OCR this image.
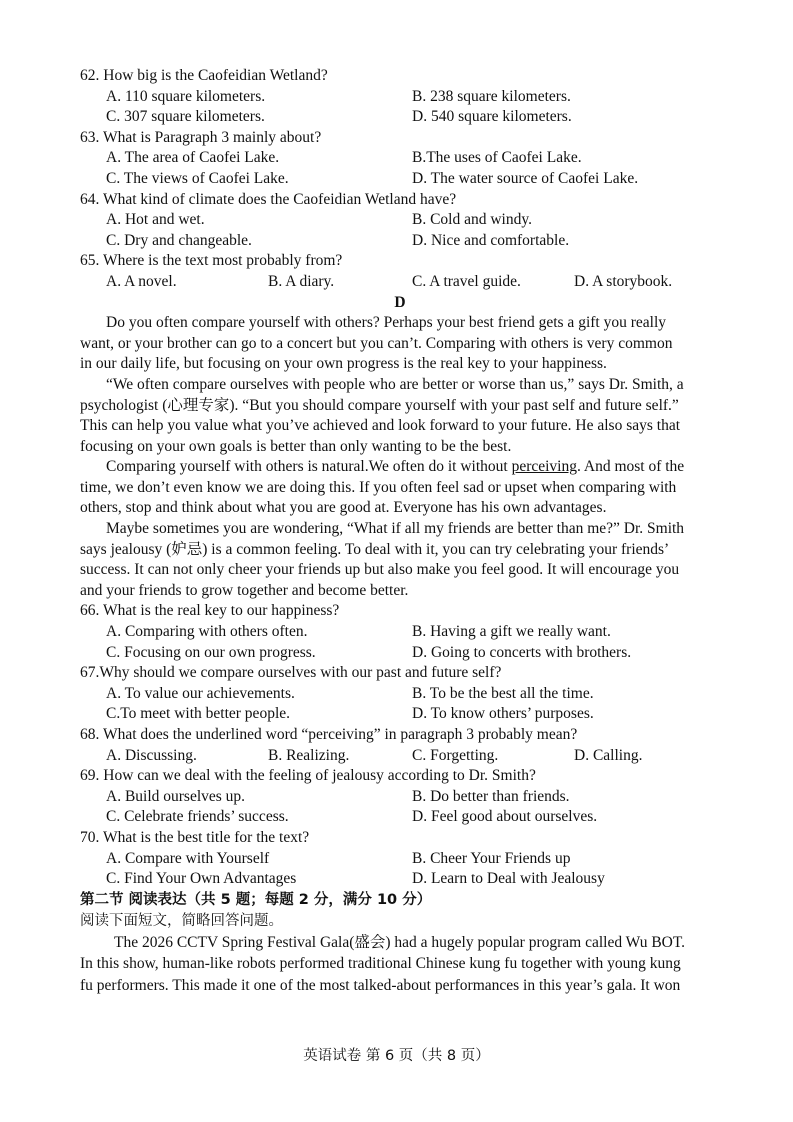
62. How big is the Caofeidian Wetland?
A. 110 square kilometers.	B. 238 square kilometers.
C. 307 square kilometers.	D. 540 square kilometers.
63. What is Paragraph 3 mainly about?
A. The area of Caofei Lake.	B.The uses of Caofei Lake.
C. The views of Caofei Lake.	D. The water source of Caofei Lake.
64. What kind of climate does the Caofeidian Wetland have?
A. Hot and wet.	B. Cold and windy.
C. Dry and changeable.	D. Nice and comfortable.
65. Where is the text most probably from?
A. A novel.	B. A diary.	C. A travel guide.	D. A storybook.
D
Do you often compare yourself with others? Perhaps your best friend gets a gift you really
want, or your brother can go to a concert but you can’t. Comparing with others is very common
in our daily life, but focusing on your own progress is the real key to your happiness.
“We often compare ourselves with people who are better or worse than us,” says Dr. Smith, a
psychologist (心理专家). “But you should compare yourself with your past self and future self.”
This can help you value what you’ve achieved and look forward to your future. He also says that
focusing on your own goals is better than only wanting to be the best.
Comparing yourself with others is natural.We often do it without perceiving. And most of the
time, we don’t even know we are doing this. If you often feel sad or upset when comparing with
others, stop and think about what you are good at. Everyone has his own advantages.
Maybe sometimes you are wondering, “What if all my friends are better than me?” Dr. Smith
says jealousy (妒忌) is a common feeling. To deal with it, you can try celebrating your friends’
success. It can not only cheer your friends up but also make you feel good. It will encourage you
and your friends to grow together and become better.
66. What is the real key to our happiness?
A. Comparing with others often.	B. Having a gift we really want.
C. Focusing on our own progress.	D. Going to concerts with brothers.
67.Why should we compare ourselves with our past and future self?
A. To value our achievements.	B. To be the best all the time.
C.To meet with better people.	D. To know others’ purposes.
68. What does the underlined word “perceiving” in paragraph 3 probably mean?
A. Discussing.	B. Realizing.	C. Forgetting.	D. Calling.
69. How can we deal with the feeling of jealousy according to Dr. Smith?
A. Build ourselves up.	B. Do better than friends.
C. Celebrate friends’ success.	D. Feel good about ourselves.
70. What is the best title for the text?
A. Compare with Yourself	B. Cheer Your Friends up
C. Find Your Own Advantages	D. Learn to Deal with Jealousy
第二节 阅读表达（共 5 题；每题 2 分，满分 10 分）
阅读下面短文，简略回答问题。
The 2026 CCTV Spring Festival Gala(盛会) had a hugely popular program called Wu BOT.
In this show, human-like robots performed traditional Chinese kung fu together with young kung
fu performers. This made it one of the most talked-about performances in this year’s gala. It won
英语试卷 第 6 页（共 8 页）
